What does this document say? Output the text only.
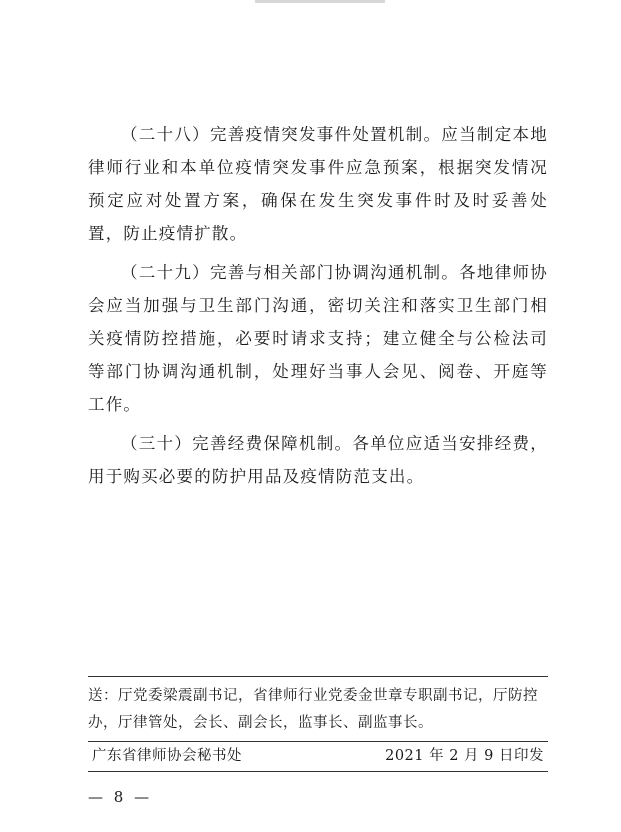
（二十八）完善疫情突发事件处置机制。应当制定本地律师行业和本单位疫情突发事件应急预案，根据突发情况预定应对处置方案，确保在发生突发事件时及时妥善处置，防止疫情扩散。

（二十九）完善与相关部门协调沟通机制。各地律师协会应当加强与卫生部门沟通，密切关注和落实卫生部门相关疫情防控措施，必要时请求支持；建立健全与公检法司等部门协调沟通机制，处理好当事人会见、阅卷、开庭等工作。

（三十）完善经费保障机制。各单位应适当安排经费，用于购买必要的防护用品及疫情防范支出。

送：厅党委梁震副书记，省律师行业党委金世章专职副书记，厅防控办，厅律管处，会长、副会长，监事长、副监事长。
广东省律师协会秘书处	2021 年 2 月 9 日印发
— 8 —
